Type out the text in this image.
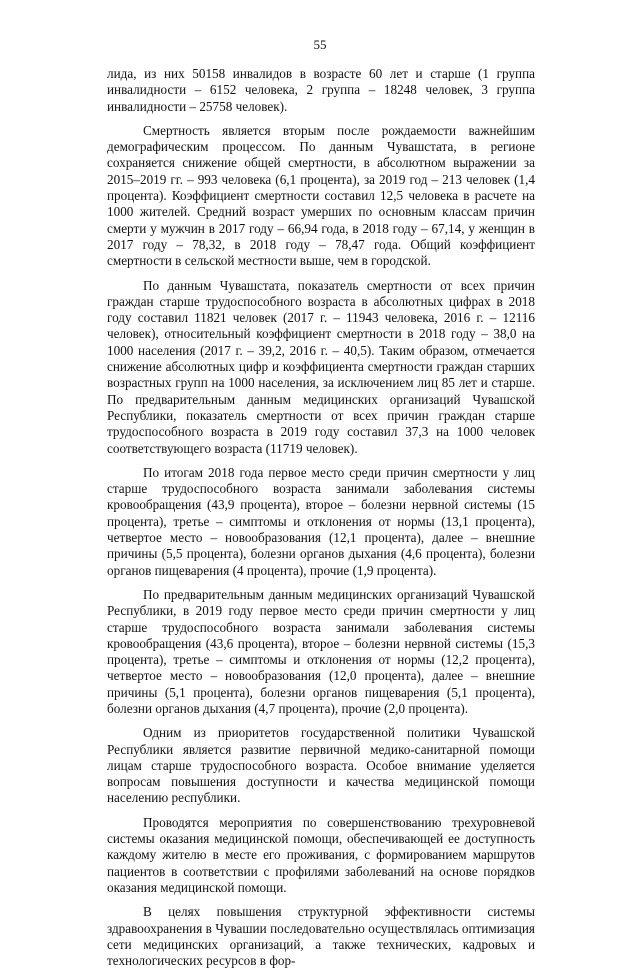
55

лида, из них 50158 инвалидов в возрасте 60 лет и старше (1 группа инвалидности – 6152 человека, 2 группа – 18248 человек, 3 группа инвалидности – 25758 человек).

Смертность является вторым после рождаемости важнейшим демографическим процессом. По данным Чувашстата, в регионе сохраняется снижение общей смертности, в абсолютном выражении за 2015–2019 гг. – 993 человека (6,1 процента), за 2019 год – 213 человек (1,4 процента). Коэффициент смертности составил 12,5 человека в расчете на 1000 жителей. Средний возраст умерших по основным классам причин смерти у мужчин в 2017 году – 66,94 года, в 2018 году – 67,14, у женщин в 2017 году – 78,32, в 2018 году – 78,47 года. Общий коэффициент смертности в сельской местности выше, чем в городской.

По данным Чувашстата, показатель смертности от всех причин граждан старше трудоспособного возраста в абсолютных цифрах в 2018 году составил 11821 человек (2017 г. – 11943 человека, 2016 г. – 12116 человек), относительный коэффициент смертности в 2018 году – 38,0 на 1000 населения (2017 г. – 39,2, 2016 г. – 40,5). Таким образом, отмечается снижение абсолютных цифр и коэффициента смертности граждан старших возрастных групп на 1000 населения, за исключением лиц 85 лет и старше. По предварительным данным медицинских организаций Чувашской Республики, показатель смертности от всех причин граждан старше трудоспособного возраста в 2019 году составил 37,3 на 1000 человек соответствующего возраста (11719 человек).

По итогам 2018 года первое место среди причин смертности у лиц старше трудоспособного возраста занимали заболевания системы кровообращения (43,9 процента), второе – болезни нервной системы (15 процента), третье – симптомы и отклонения от нормы (13,1 процента), четвертое место – новообразования (12,1 процента), далее – внешние причины (5,5 процента), болезни органов дыхания (4,6 процента), болезни органов пищеварения (4 процента), прочие (1,9 процента).

По предварительным данным медицинских организаций Чувашской Республики, в 2019 году первое место среди причин смертности у лиц старше трудоспособного возраста занимали заболевания системы кровообращения (43,6 процента), второе – болезни нервной системы (15,3 процента), третье – симптомы и отклонения от нормы (12,2 процента), четвертое место – новообразования (12,0 процента), далее – внешние причины (5,1 процента), болезни органов пищеварения (5,1 процента), болезни органов дыхания (4,7 процента), прочие (2,0 процента).

Одним из приоритетов государственной политики Чувашской Республики является развитие первичной медико-санитарной помощи лицам старше трудоспособного возраста. Особое внимание уделяется вопросам повышения доступности и качества медицинской помощи населению республики.

Проводятся мероприятия по совершенствованию трехуровневой системы оказания медицинской помощи, обеспечивающей ее доступность каждому жителю в месте его проживания, с формированием маршрутов пациентов в соответствии с профилями заболеваний на основе порядков оказания медицинской помощи.

В целях повышения структурной эффективности системы здравоохранения в Чувашии последовательно осуществлялась оптимизация сети медицинских организаций, а также технических, кадровых и технологических ресурсов в фор-
